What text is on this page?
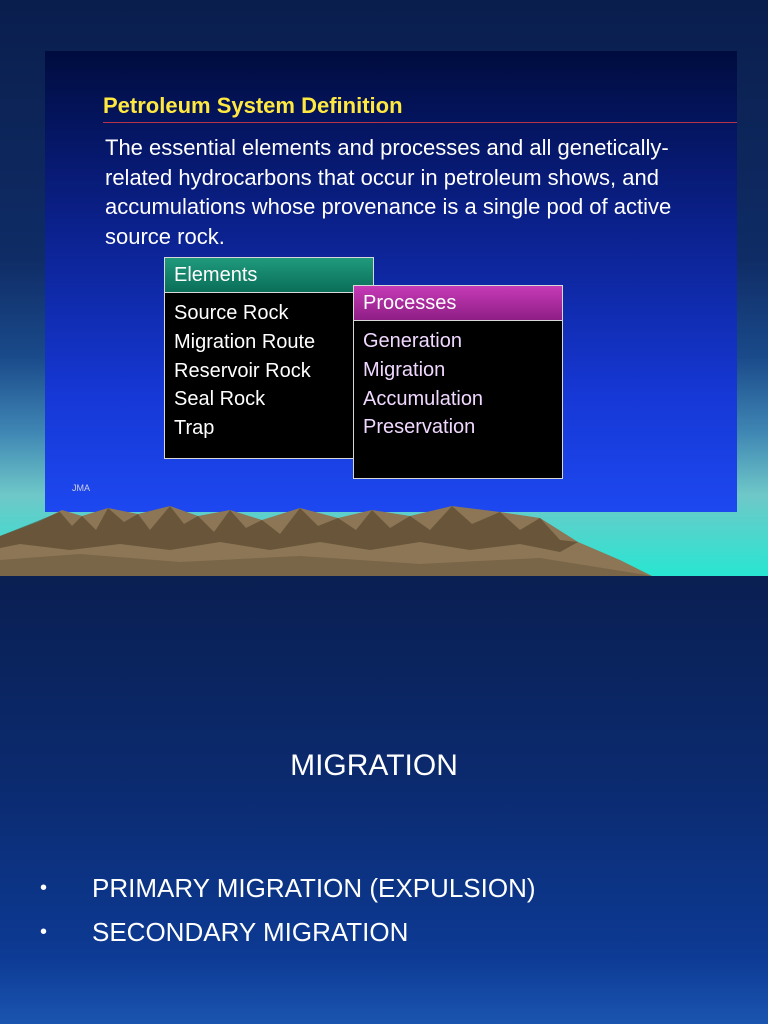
Petroleum System Definition

The essential elements and processes and all genetically-related hydrocarbons that occur in petroleum shows, and accumulations whose provenance is a single pod of active source rock.

Elements
Source Rock
Migration Route
Reservoir Rock
Seal Rock
Trap
Processes
Generation
Migration
Accumulation
Preservation
JMA
MIGRATION
• PRIMARY MIGRATION (EXPULSION)
• SECONDARY MIGRATION
